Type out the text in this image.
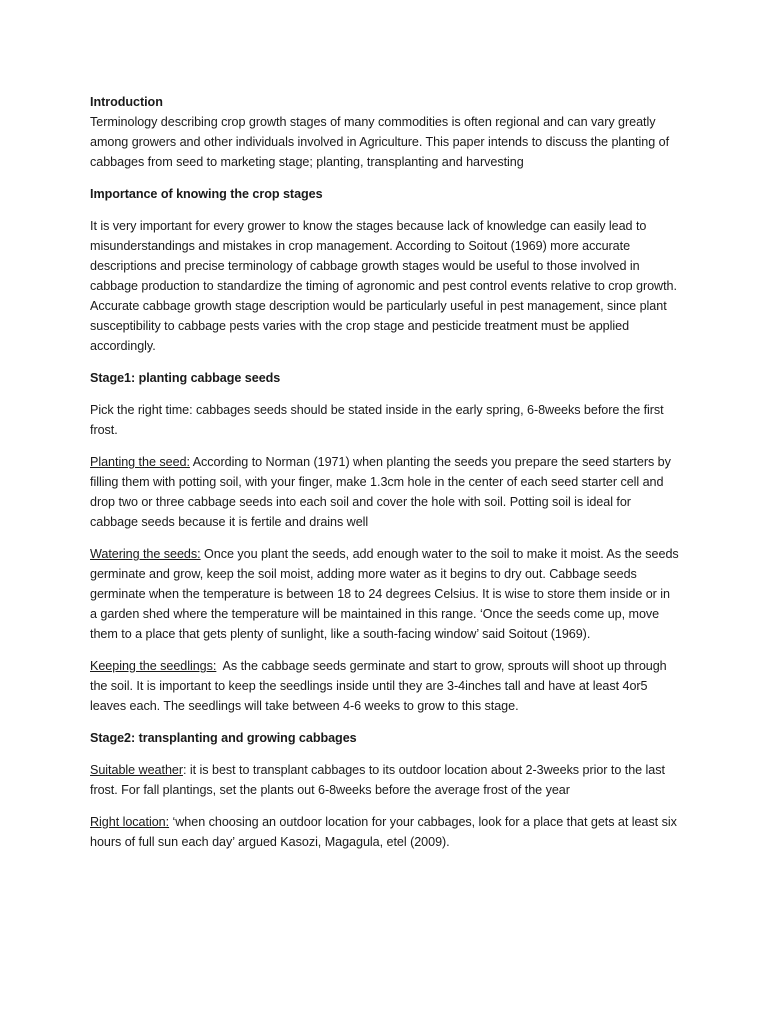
Introduction

Terminology describing crop growth stages of many commodities is often regional and can vary greatly among growers and other individuals involved in Agriculture. This paper intends to discuss the planting of cabbages from seed to marketing stage; planting, transplanting and harvesting

Importance of knowing the crop stages

It is very important for every grower to know the stages because lack of knowledge can easily lead to misunderstandings and mistakes in crop management. According to Soitout (1969) more accurate descriptions and precise terminology of cabbage growth stages would be useful to those involved in cabbage production to standardize the timing of agronomic and pest control events relative to crop growth. Accurate cabbage growth stage description would be particularly useful in pest management, since plant susceptibility to cabbage pests varies with the crop stage and pesticide treatment must be applied accordingly.

Stage1: planting cabbage seeds

Pick the right time: cabbages seeds should be stated inside in the early spring, 6-8weeks before the first frost.

Planting the seed: According to Norman (1971) when planting the seeds you prepare the seed starters by filling them with potting soil, with your finger, make 1.3cm hole in the center of each seed starter cell and drop two or three cabbage seeds into each soil and cover the hole with soil. Potting soil is ideal for cabbage seeds because it is fertile and drains well

Watering the seeds: Once you plant the seeds, add enough water to the soil to make it moist. As the seeds germinate and grow, keep the soil moist, adding more water as it begins to dry out. Cabbage seeds germinate when the temperature is between 18 to 24 degrees Celsius. It is wise to store them inside or in a garden shed where the temperature will be maintained in this range. ‘Once the seeds come up, move them to a place that gets plenty of sunlight, like a south-facing window’ said Soitout (1969).

Keeping the seedlings:  As the cabbage seeds germinate and start to grow, sprouts will shoot up through the soil. It is important to keep the seedlings inside until they are 3-4inches tall and have at least 4or5 leaves each. The seedlings will take between 4-6 weeks to grow to this stage.

Stage2: transplanting and growing cabbages

Suitable weather: it is best to transplant cabbages to its outdoor location about 2-3weeks prior to the last frost. For fall plantings, set the plants out 6-8weeks before the average frost of the year

Right location: ‘when choosing an outdoor location for your cabbages, look for a place that gets at least six hours of full sun each day’ argued Kasozi, Magagula, etel (2009).
